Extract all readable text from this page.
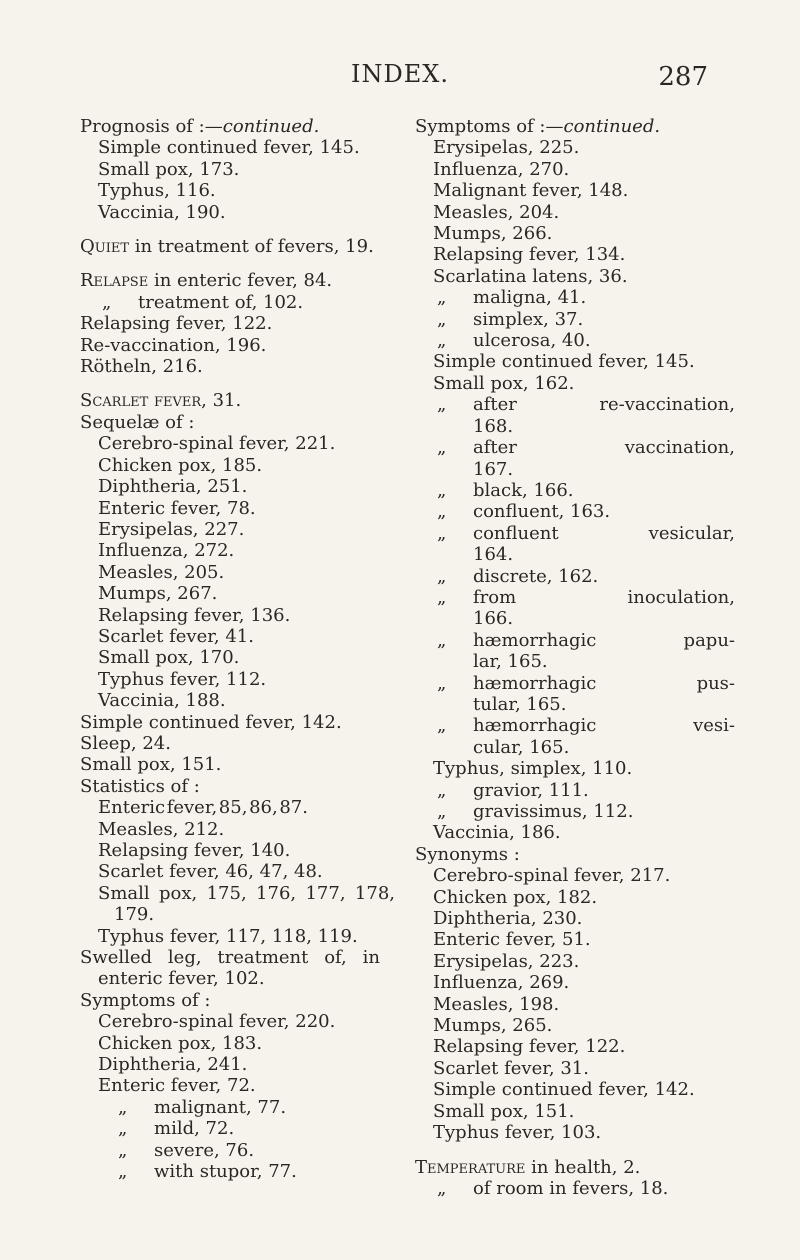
INDEX.	287
Prognosis of :—continued.
Simple continued fever, 145.
Small pox, 173.
Typhus, 116.
Vaccinia, 190.
Quiet in treatment of fevers, 19.
Relapse in enteric fever, 84.
„ treatment of, 102.
Relapsing fever, 122.
Re-vaccination, 196.
Rötheln, 216.
Scarlet fever, 31.
Sequelæ of :
Cerebro-spinal fever, 221.
Chicken pox, 185.
Diphtheria, 251.
Enteric fever, 78.
Erysipelas, 227.
Influenza, 272.
Measles, 205.
Mumps, 267.
Relapsing fever, 136.
Scarlet fever, 41.
Small pox, 170.
Typhus fever, 112.
Vaccinia, 188.
Simple continued fever, 142.
Sleep, 24.
Small pox, 151.
Statistics of :
Enteric fever, 85, 86, 87.
Measles, 212.
Relapsing fever, 140.
Scarlet fever, 46, 47, 48.
Small pox, 175, 176, 177, 178,
179.
Typhus fever, 117, 118, 119.
Swelled leg, treatment of, in
enteric fever, 102.
Symptoms of :
Cerebro-spinal fever, 220.
Chicken pox, 183.
Diphtheria, 241.
Enteric fever, 72.
„ malignant, 77.
„ mild, 72.
„ severe, 76.
„ with stupor, 77.
Symptoms of :—continued.
Erysipelas, 225.
Influenza, 270.
Malignant fever, 148.
Measles, 204.
Mumps, 266.
Relapsing fever, 134.
Scarlatina latens, 36.
„ maligna, 41.
„ simplex, 37.
„ ulcerosa, 40.
Simple continued fever, 145.
Small pox, 162.
„ after	re-vaccination,
168.
„ after	vaccination,
167.
„ black, 166.
„ confluent, 163.
„ confluent	vesicular,
164.
„ discrete, 162.
„ from	inoculation,
166.
„ hæmorrhagic	papu-
lar, 165.
„ hæmorrhagic	pus-
tular, 165.
„ hæmorrhagic	vesi-
cular, 165.
Typhus, simplex, 110.
„ gravior, 111.
„ gravissimus, 112.
Vaccinia, 186.
Synonyms :
Cerebro-spinal fever, 217.
Chicken pox, 182.
Diphtheria, 230.
Enteric fever, 51.
Erysipelas, 223.
Influenza, 269.
Measles, 198.
Mumps, 265.
Relapsing fever, 122.
Scarlet fever, 31.
Simple continued fever, 142.
Small pox, 151.
Typhus fever, 103.
Temperature in health, 2.
„ of room in fevers, 18.
